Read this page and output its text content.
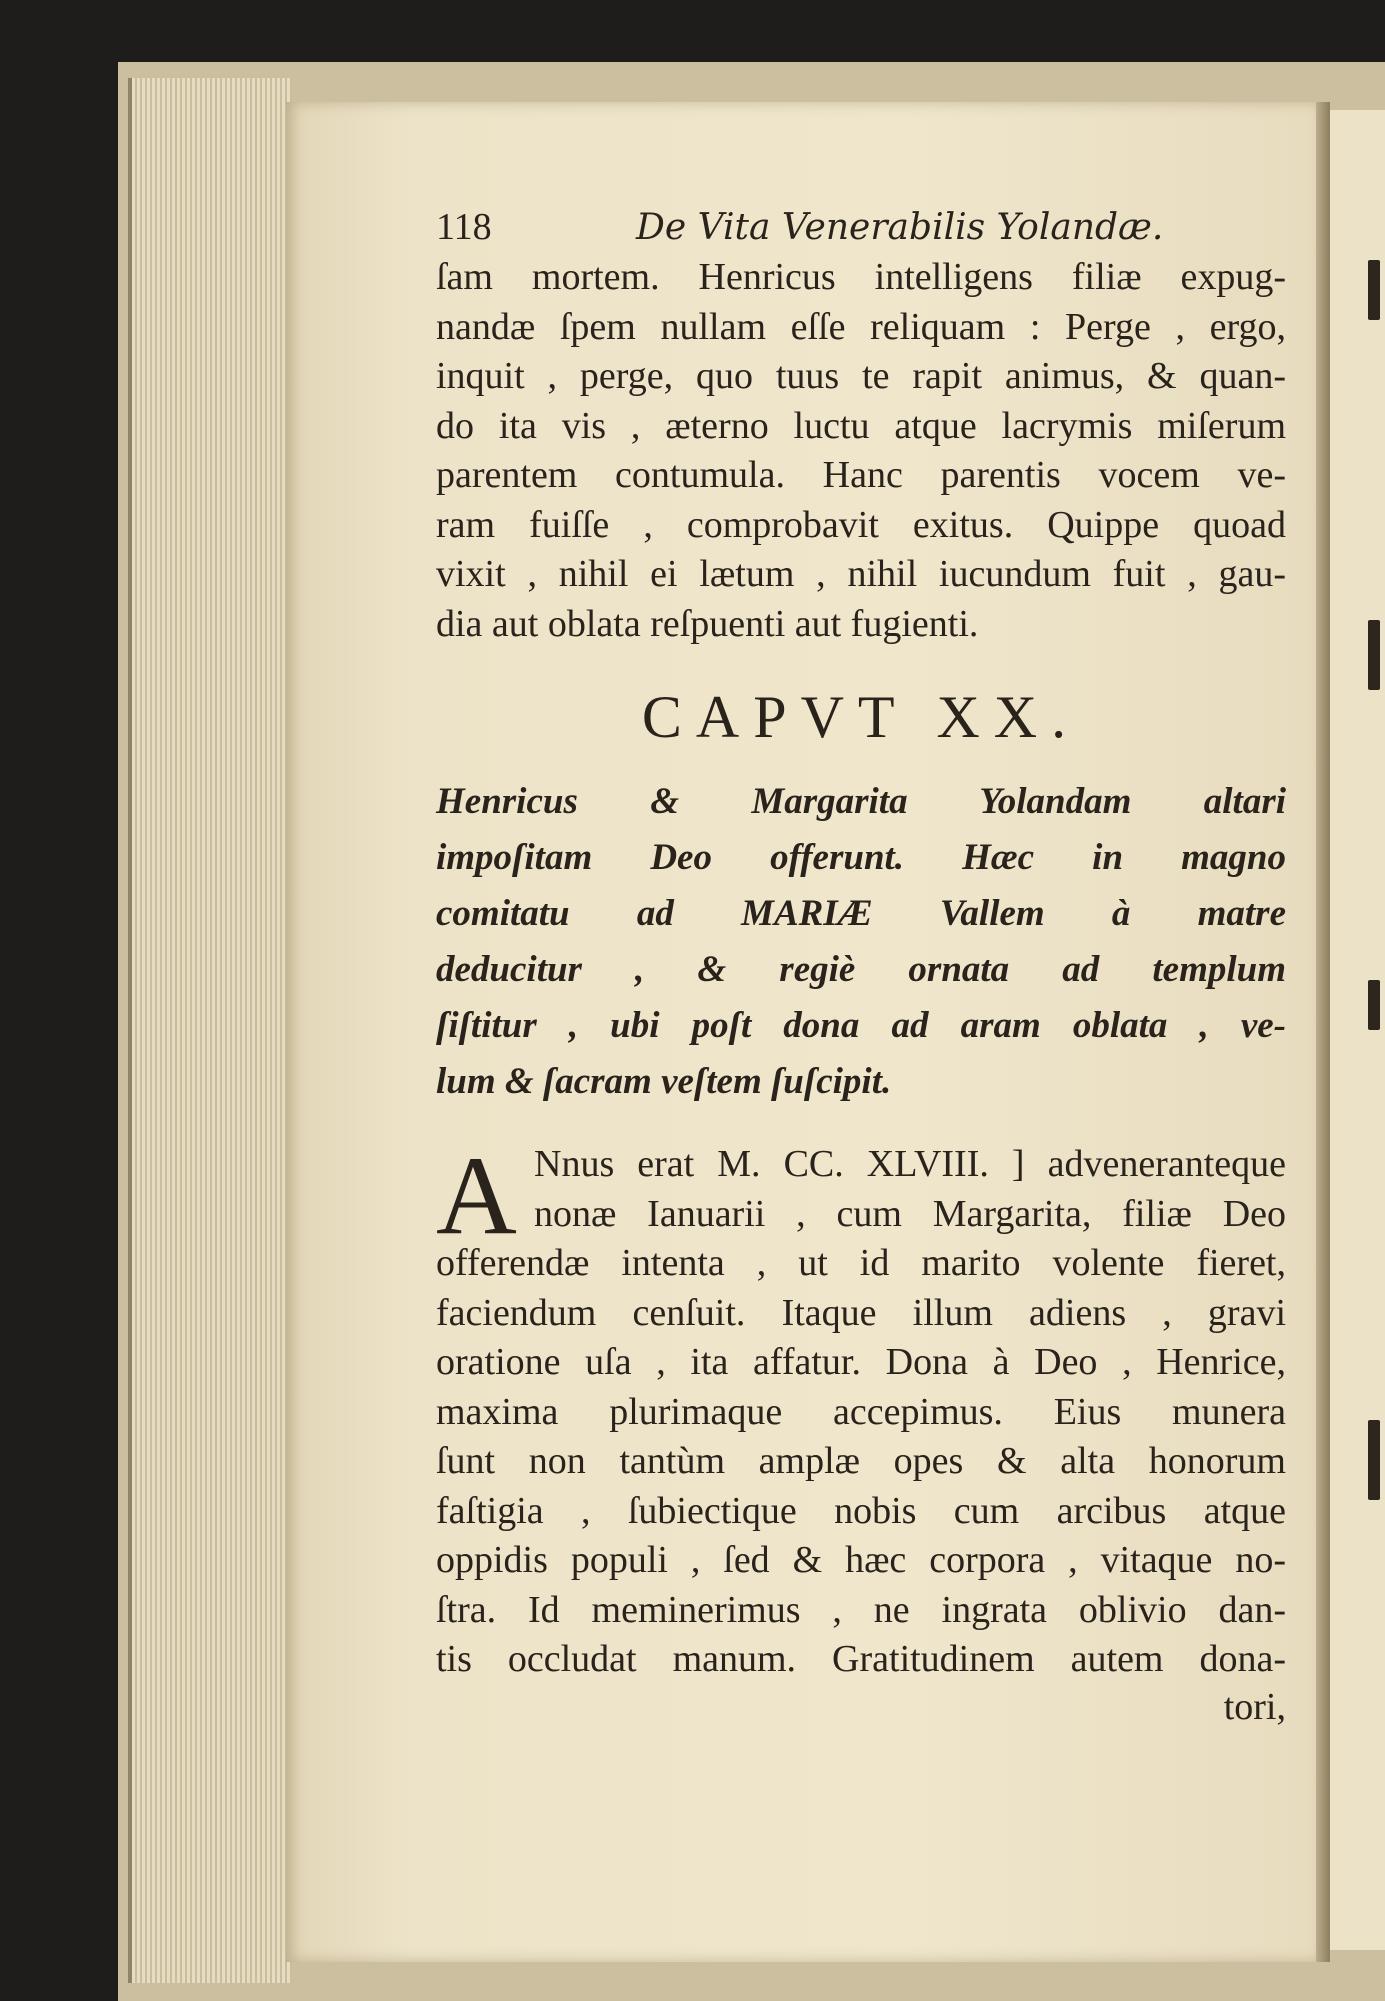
118	De Vita Venerabilis Yolandæ.
ſam mortem. Henricus intelligens filiæ expug-
nandæ ſpem nullam eſſe reliquam : Perge , ergo,
inquit , perge, quo tuus te rapit animus, & quan-
do ita vis , æterno luctu atque lacrymis miſerum
parentem contumula. Hanc parentis vocem ve-
ram fuiſſe , comprobavit exitus. Quippe quoad
vixit , nihil ei lætum , nihil iucundum fuit , gau-
dia aut oblata reſpuenti aut fugienti.
CAPVT XX.
Henricus & Margarita Yolandam altari
impoſitam Deo offerunt. Hæc in magno
comitatu ad MARIÆ Vallem à matre
deducitur , & regiè ornata ad templum
ſiſtitur , ubi poſt dona ad aram oblata , ve-
lum & ſacram veſtem ſuſcipit.
A Nnus erat M. CC. XLVIII. ] adveneranteque
nonæ Ianuarii , cum Margarita, filiæ Deo
offerendæ intenta , ut id marito volente fieret,
faciendum cenſuit. Itaque illum adiens , gravi
oratione uſa , ita affatur. Dona à Deo , Henrice,
maxima plurimaque accepimus. Eius munera
ſunt non tantùm amplæ opes & alta honorum
faſtigia , ſubiectique nobis cum arcibus atque
oppidis populi , ſed & hæc corpora , vitaque no-
ſtra. Id meminerimus , ne ingrata oblivio dan-
tis occludat manum. Gratitudinem autem dona-
tori,
